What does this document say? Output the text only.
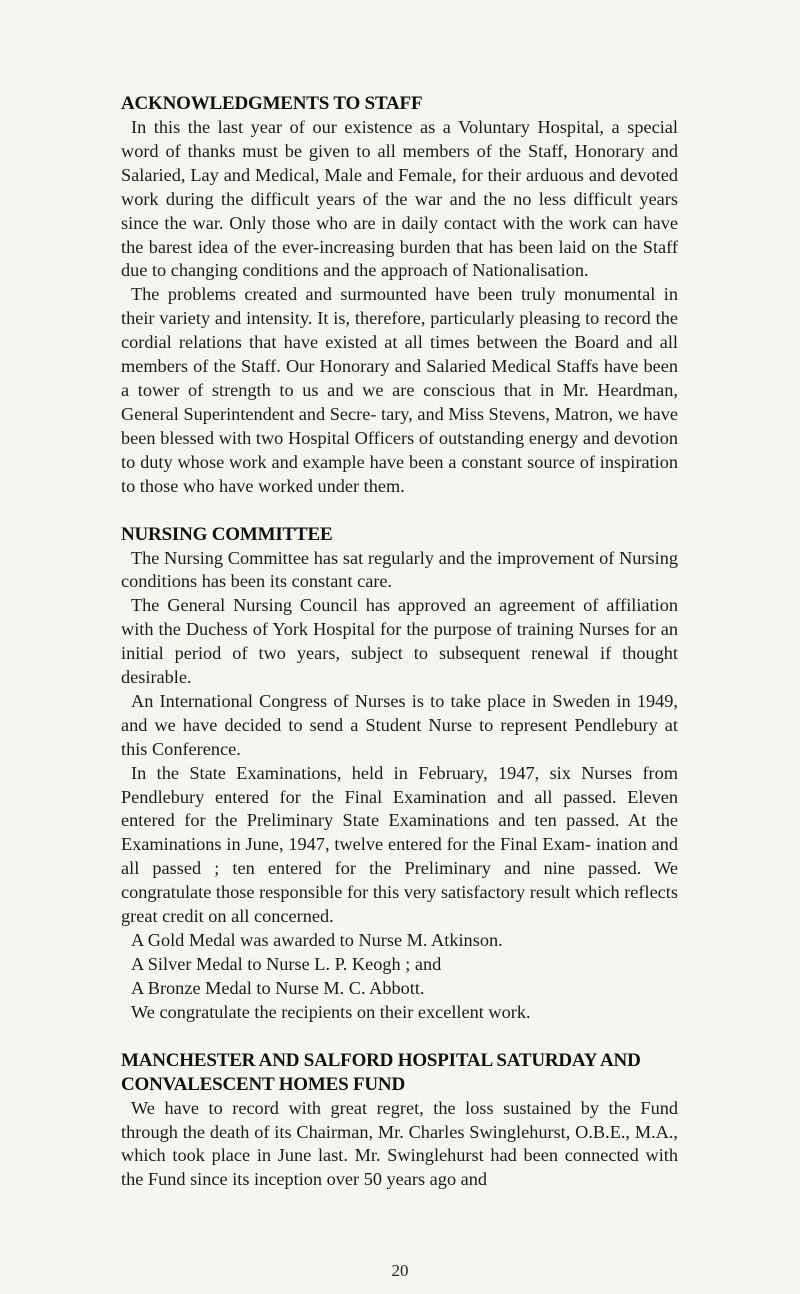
ACKNOWLEDGMENTS TO STAFF

In this the last year of our existence as a Voluntary Hospital, a special word of thanks must be given to all members of the Staff, Honorary and Salaried, Lay and Medical, Male and Female, for their arduous and devoted work during the difficult years of the war and the no less difficult years since the war. Only those who are in daily contact with the work can have the barest idea of the ever-increasing burden that has been laid on the Staff due to changing conditions and the approach of Nationalisation.

The problems created and surmounted have been truly monumental in their variety and intensity. It is, therefore, particularly pleasing to record the cordial relations that have existed at all times between the Board and all members of the Staff. Our Honorary and Salaried Medical Staffs have been a tower of strength to us and we are conscious that in Mr. Heardman, General Superintendent and Secre- tary, and Miss Stevens, Matron, we have been blessed with two Hospital Officers of outstanding energy and devotion to duty whose work and example have been a constant source of inspiration to those who have worked under them.

NURSING COMMITTEE

The Nursing Committee has sat regularly and the improvement of Nursing conditions has been its constant care.

The General Nursing Council has approved an agreement of affiliation with the Duchess of York Hospital for the purpose of training Nurses for an initial period of two years, subject to subsequent renewal if thought desirable.

An International Congress of Nurses is to take place in Sweden in 1949, and we have decided to send a Student Nurse to represent Pendlebury at this Conference.

In the State Examinations, held in February, 1947, six Nurses from Pendlebury entered for the Final Examination and all passed. Eleven entered for the Preliminary State Examinations and ten passed. At the Examinations in June, 1947, twelve entered for the Final Exam- ination and all passed ; ten entered for the Preliminary and nine passed. We congratulate those responsible for this very satisfactory result which reflects great credit on all concerned.

A Gold Medal was awarded to Nurse M. Atkinson.
A Silver Medal to Nurse L. P. Keogh ; and
A Bronze Medal to Nurse M. C. Abbott.

We congratulate the recipients on their excellent work.

MANCHESTER AND SALFORD HOSPITAL SATURDAY AND CONVALESCENT HOMES FUND

We have to record with great regret, the loss sustained by the Fund through the death of its Chairman, Mr. Charles Swinglehurst, O.B.E., M.A., which took place in June last. Mr. Swinglehurst had been connected with the Fund since its inception over 50 years ago and

20
